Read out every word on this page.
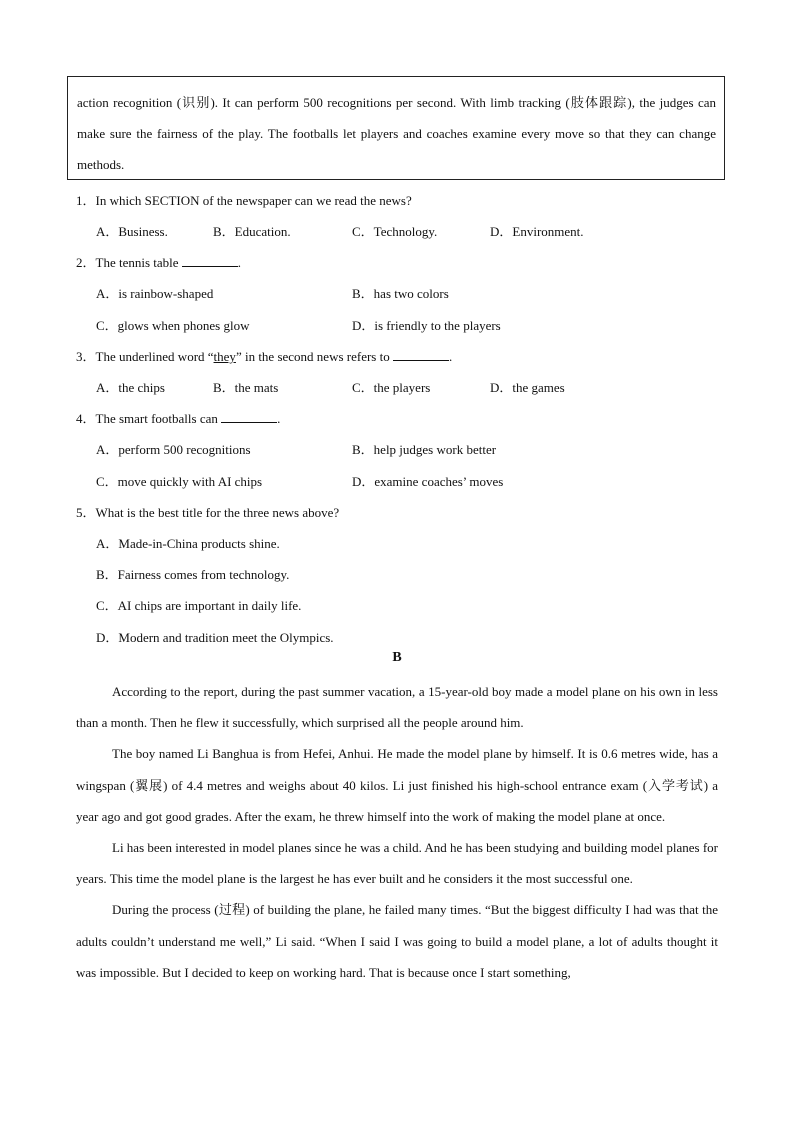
action recognition (识别). It can perform 500 recognitions per second. With limb tracking (肢体跟踪), the judges can make sure the fairness of the play. The footballs let players and coaches examine every move so that they can change methods.

1．In which SECTION of the newspaper can we read the news?
A．Business.	B．Education.	C．Technology.	D．Environment.
2．The tennis table	.
A．is rainbow-shaped	B．has two colors
C．glows when phones glow	D．is friendly to the players
3．The underlined word “they” in the second news refers to	.
A．the chips	B．the mats	C．the players	D．the games
4．The smart footballs can	.
A．perform 500 recognitions	B．help judges work better
C．move quickly with AI chips	D．examine coaches’ moves
5．What is the best title for the three news above?
A．Made-in-China products shine.
B．Fairness comes from technology.
C．AI chips are important in daily life.
D．Modern and tradition meet the Olympics.
B

According to the report, during the past summer vacation, a 15-year-old boy made a model plane on his own in less than a month. Then he flew it successfully, which surprised all the people around him.

The boy named Li Banghua is from Hefei, Anhui. He made the model plane by himself. It is 0.6 metres wide, has a wingspan (翼展) of 4.4 metres and weighs about 40 kilos. Li just finished his high-school entrance exam (入学考试) a year ago and got good grades. After the exam, he threw himself into the work of making the model plane at once.

Li has been interested in model planes since he was a child. And he has been studying and building model planes for years. This time the model plane is the largest he has ever built and he considers it the most successful one.

During the process (过程) of building the plane, he failed many times. “But the biggest difficulty I had was that the adults couldn’t understand me well,” Li said. “When I said I was going to build a model plane, a lot of adults thought it was impossible. But I decided to keep on working hard. That is because once I start something,
